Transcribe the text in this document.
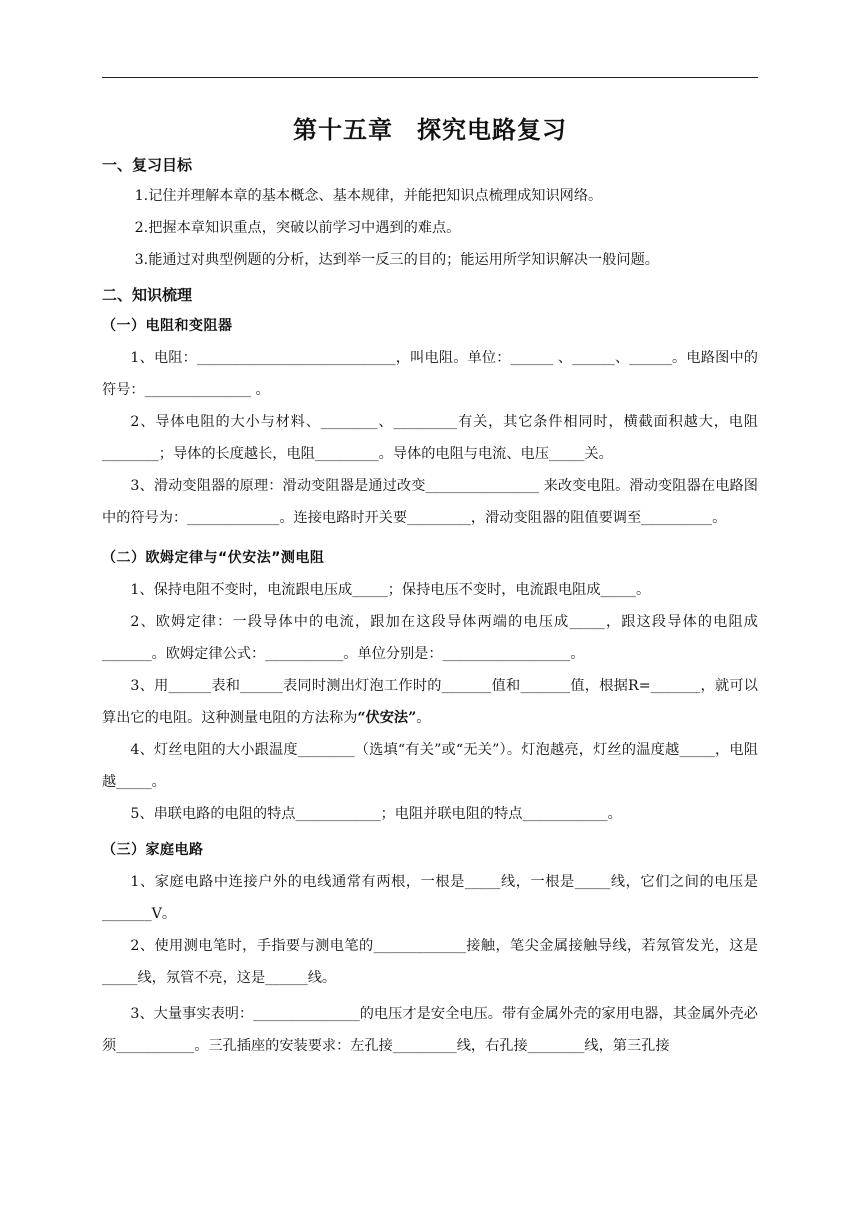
第十五章 探究电路复习
一、复习目标

1.记住并理解本章的基本概念、基本规律，并能把知识点梳理成知识网络。

2.把握本章知识重点，突破以前学习中遇到的难点。

3.能通过对典型例题的分析，达到举一反三的目的；能运用所学知识解决一般问题。

二、知识梳理
（一）电阻和变阻器

1、电阻：____________________________，叫电阻。单位：______ 、______、______。电路图中的符号：_______________ 。

2、导体电阻的大小与材料、________、_________有关，其它条件相同时，横截面积越大，电阻________；导体的长度越长，电阻_________。导体的电阻与电流、电压_____关。

3、滑动变阻器的原理：滑动变阻器是通过改变________________ 来改变电阻。滑动变阻器在电路图中的符号为：_____________。连接电路时开关要_________，滑动变阻器的阻值要调至__________。

（二）欧姆定律与“伏安法”测电阻

1、保持电阻不变时，电流跟电压成_____；保持电压不变时，电流跟电阻成_____。

2、欧姆定律：一段导体中的电流，跟加在这段导体两端的电压成_____，跟这段导体的电阻成_______。欧姆定律公式：___________。单位分别是：__________________。

3、用______表和______表同时测出灯泡工作时的_______值和_______值，根据R=_______，就可以算出它的电阻。这种测量电阻的方法称为“伏安法”。

4、灯丝电阻的大小跟温度________（选填“有关”或“无关”）。灯泡越亮，灯丝的温度越_____，电阻越_____。

5、串联电路的电阻的特点____________；电阻并联电阻的特点____________。

（三）家庭电路

1、家庭电路中连接户外的电线通常有两根，一根是_____线，一根是_____线，它们之间的电压是_______V。

2、使用测电笔时，手指要与测电笔的_____________接触，笔尖金属接触导线，若氖管发光，这是_____线，氖管不亮，这是______线。

3、大量事实表明：_______________的电压才是安全电压。带有金属外壳的家用电器，其金属外壳必须___________。三孔插座的安装要求：左孔接_________线，右孔接________线，第三孔接
